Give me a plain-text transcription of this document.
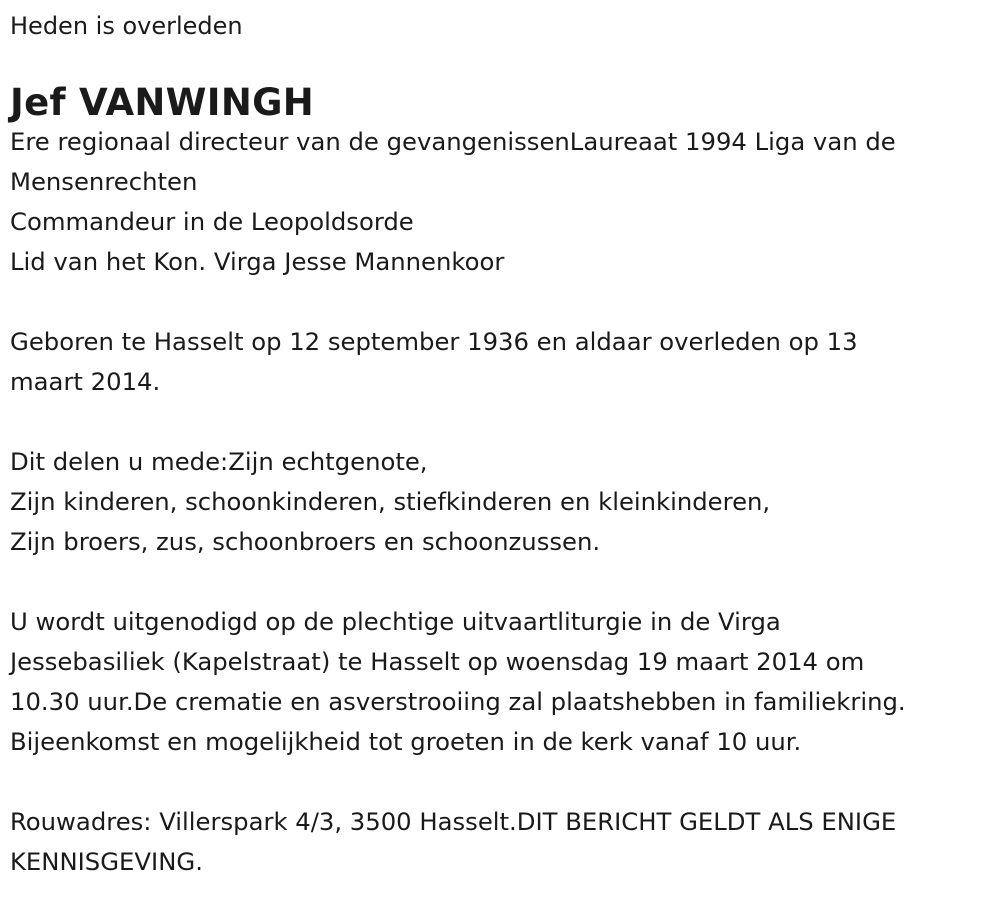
Heden is overleden

Jef VANWINGH

Ere regionaal directeur van de gevangenissenLaureaat 1994 Liga van de
Mensenrechten
Commandeur in de Leopoldsorde
Lid van het Kon. Virga Jesse Mannenkoor

Geboren te Hasselt op 12 september 1936 en aldaar overleden op 13
maart 2014.

Dit delen u mede:Zijn echtgenote,
Zijn kinderen, schoonkinderen, stiefkinderen en kleinkinderen,
Zijn broers, zus, schoonbroers en schoonzussen.

U wordt uitgenodigd op de plechtige uitvaartliturgie in de Virga
Jessebasiliek (Kapelstraat) te Hasselt op woensdag 19 maart 2014 om
10.30 uur.De crematie en asverstrooiing zal plaatshebben in familiekring.
Bijeenkomst en mogelijkheid tot groeten in de kerk vanaf 10 uur.

Rouwadres: Villerspark 4/3, 3500 Hasselt.DIT BERICHT GELDT ALS ENIGE
KENNISGEVING.
